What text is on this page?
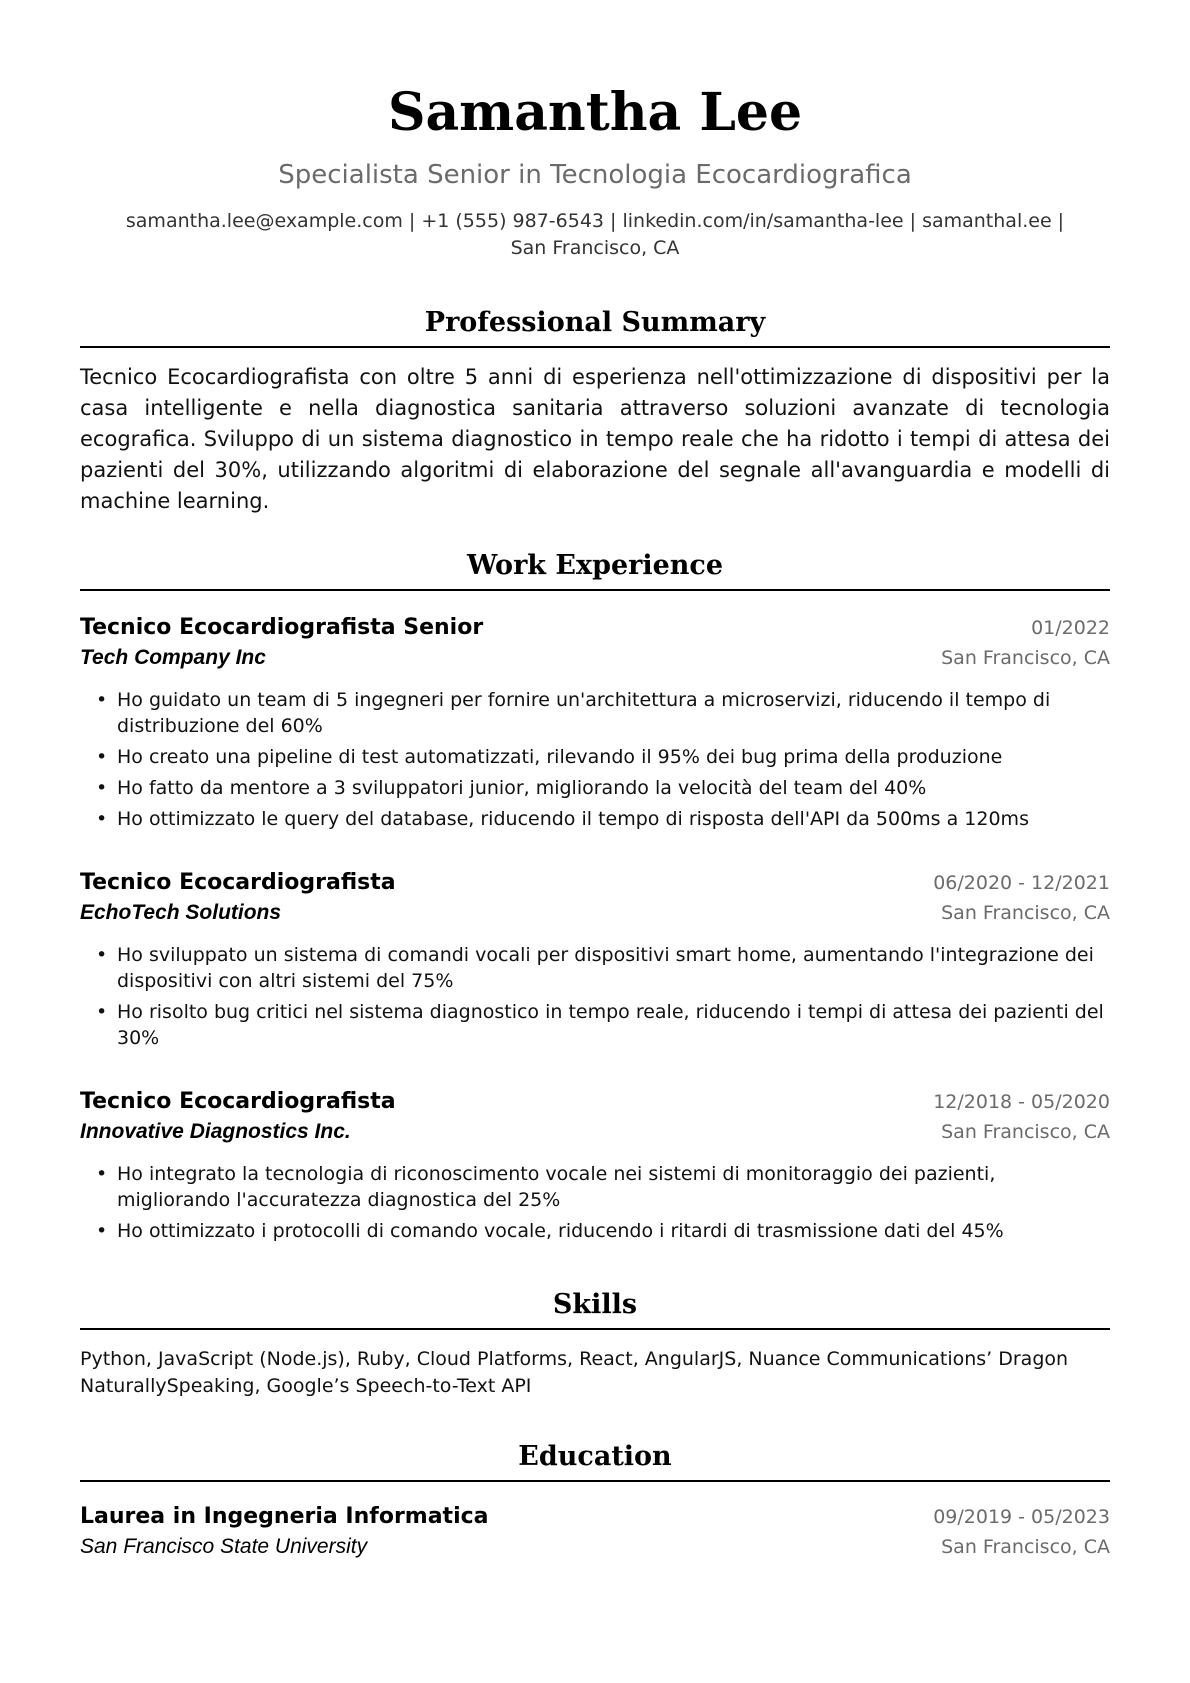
Samantha Lee
Specialista Senior in Tecnologia Ecocardiografica
samantha.lee@example.com | +1 (555) 987-6543 | linkedin.com/in/samantha-lee | samanthal.ee | San Francisco, CA
Professional Summary
Tecnico Ecocardiografista con oltre 5 anni di esperienza nell'ottimizzazione di dispositivi per la casa intelligente e nella diagnostica sanitaria attraverso soluzioni avanzate di tecnologia ecografica. Sviluppo di un sistema diagnostico in tempo reale che ha ridotto i tempi di attesa dei pazienti del 30%, utilizzando algoritmi di elaborazione del segnale all'avanguardia e modelli di machine learning.
Work Experience
Tecnico Ecocardiografista Senior	01/2022
Tech Company Inc	San Francisco, CA
• Ho guidato un team di 5 ingegneri per fornire un'architettura a microservizi, riducendo il tempo di distribuzione del 60%
• Ho creato una pipeline di test automatizzati, rilevando il 95% dei bug prima della produzione
• Ho fatto da mentore a 3 sviluppatori junior, migliorando la velocità del team del 40%
• Ho ottimizzato le query del database, riducendo il tempo di risposta dell'API da 500ms a 120ms
Tecnico Ecocardiografista	06/2020 - 12/2021
EchoTech Solutions	San Francisco, CA
• Ho sviluppato un sistema di comandi vocali per dispositivi smart home, aumentando l'integrazione dei dispositivi con altri sistemi del 75%
• Ho risolto bug critici nel sistema diagnostico in tempo reale, riducendo i tempi di attesa dei pazienti del 30%
Tecnico Ecocardiografista	12/2018 - 05/2020
Innovative Diagnostics Inc.	San Francisco, CA
• Ho integrato la tecnologia di riconoscimento vocale nei sistemi di monitoraggio dei pazienti, migliorando l'accuratezza diagnostica del 25%
• Ho ottimizzato i protocolli di comando vocale, riducendo i ritardi di trasmissione dati del 45%
Skills
Python, JavaScript (Node.js), Ruby, Cloud Platforms, React, AngularJS, Nuance Communications’ Dragon NaturallySpeaking, Google’s Speech-to-Text API
Education
Laurea in Ingegneria Informatica	09/2019 - 05/2023
San Francisco State University	San Francisco, CA
